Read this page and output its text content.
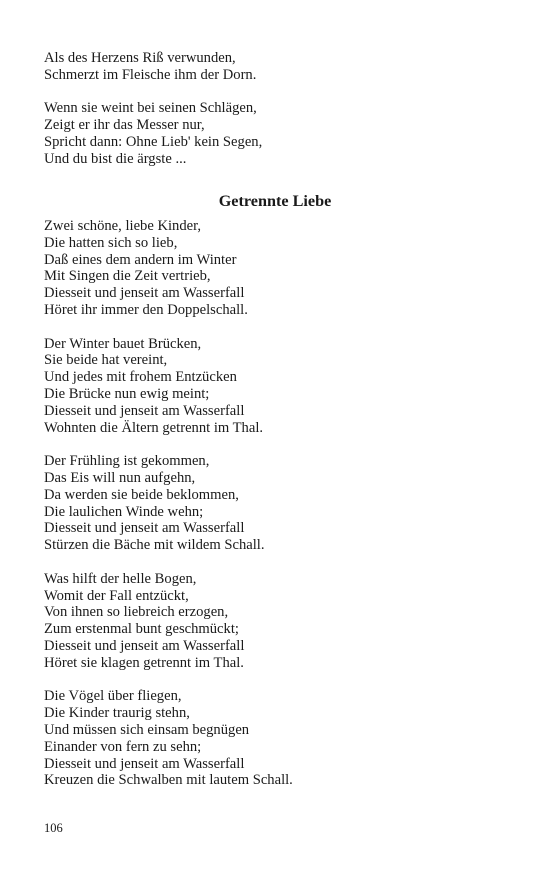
Als des Herzens Riß verwunden,
Schmerzt im Fleische ihm der Dorn.
Wenn sie weint bei seinen Schlägen,
Zeigt er ihr das Messer nur,
Spricht dann: Ohne Lieb' kein Segen,
Und du bist die ärgste ...
Getrennte Liebe
Zwei schöne, liebe Kinder,
Die hatten sich so lieb,
Daß eines dem andern im Winter
Mit Singen die Zeit vertrieb,
Diesseit und jenseit am Wasserfall
Höret ihr immer den Doppelschall.
Der Winter bauet Brücken,
Sie beide hat vereint,
Und jedes mit frohem Entzücken
Die Brücke nun ewig meint;
Diesseit und jenseit am Wasserfall
Wohnten die Ältern getrennt im Thal.
Der Frühling ist gekommen,
Das Eis will nun aufgehn,
Da werden sie beide beklommen,
Die laulichen Winde wehn;
Diesseit und jenseit am Wasserfall
Stürzen die Bäche mit wildem Schall.
Was hilft der helle Bogen,
Womit der Fall entzückt,
Von ihnen so liebreich erzogen,
Zum erstenmal bunt geschmückt;
Diesseit und jenseit am Wasserfall
Höret sie klagen getrennt im Thal.
Die Vögel über fliegen,
Die Kinder traurig stehn,
Und müssen sich einsam begnügen
Einander von fern zu sehn;
Diesseit und jenseit am Wasserfall
Kreuzen die Schwalben mit lautem Schall.
106
